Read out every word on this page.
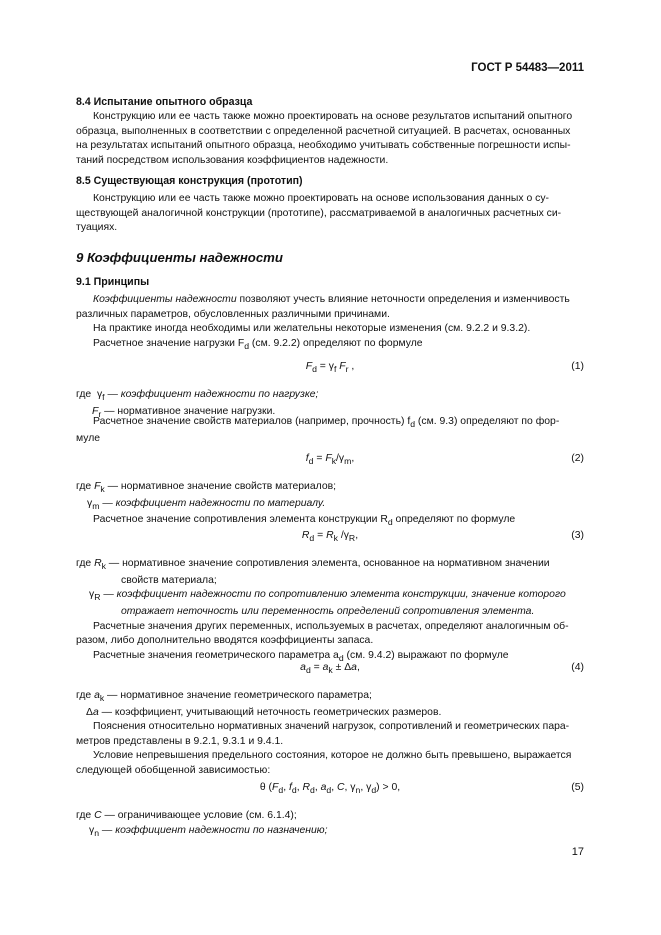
ГОСТ Р 54483—2011
8.4 Испытание опытного образца
Конструкцию или ее часть также можно проектировать на основе результатов испытаний опытного
образца, выполненных в соответствии с определенной расчетной ситуацией. В расчетах, основанных
на результатах испытаний опытного образца, необходимо учитывать собственные погрешности испы-
таний посредством использования коэффициентов надежности.
8.5 Существующая конструкция (прототип)
Конструкцию или ее часть также можно проектировать на основе использования данных о су-
ществующей аналогичной конструкции (прототипе), рассматриваемой в аналогичных расчетных си-
туациях.
9 Коэффициенты надежности
9.1 Принципы
Коэффициенты надежности позволяют учесть влияние неточности определения и изменчивость
различных параметров, обусловленных различными причинами.
На практике иногда необходимы или желательны некоторые изменения (см. 9.2.2 и 9.3.2).
Расчетное значение нагрузки $F_d$ (см. 9.2.2) определяют по формуле
$F_d = \gamma_f$ $F_r$ ,	(1)
где  $\gamma_f$ — коэффициент надежности по нагрузке;
$F_r$ — нормативное значение нагрузки.
Расчетное значение свойств материалов (например, прочность) $f_d$ (см. 9.3) определяют по фор-
муле
$f_d = F_k/\gamma_m$,	(2)
где $F_k$ — нормативное значение свойств материалов;
$\gamma_m$ — коэффициент надежности по материалу.
Расчетное значение сопротивления элемента конструкции $R_d$ определяют по формуле
$R_d = R_k$ $/\gamma_R$,	(3)
где $R_k$ — нормативное значение сопротивления элемента, основанное на нормативном значении
свойств материала;
$\gamma_R$ — коэффициент надежности по сопротивлению элемента конструкции, значение которого
отражает неточность или переменность определений сопротивления элемента.
Расчетные значения других переменных, используемых в расчетах, определяют аналогичным об-
разом, либо дополнительно вводятся коэффициенты запаса.
Расчетные значения геометрического параметра $a_d$ (см. 9.4.2) выражают по формуле
$a_d = a_k \pm \Delta a$,	(4)
где $a_k$ — нормативное значение геометрического параметра;
Δa — коэффициент, учитывающий неточность геометрических размеров.
Пояснения относительно нормативных значений нагрузок, сопротивлений и геометрических пара-
метров представлены в 9.2.1, 9.3.1 и 9.4.1.
Условие непревышения предельного состояния, которое не должно быть превышено, выражается
следующей обобщенной зависимостью:
θ ($F_d$, $f_d$, $R_d$, $a_d$, C, $\gamma_n$, $\gamma_d) > 0$,	(5)
где C — ограничивающее условие (см. 6.1.4);
$\gamma_n$ — коэффициент надежности по назначению;
17
